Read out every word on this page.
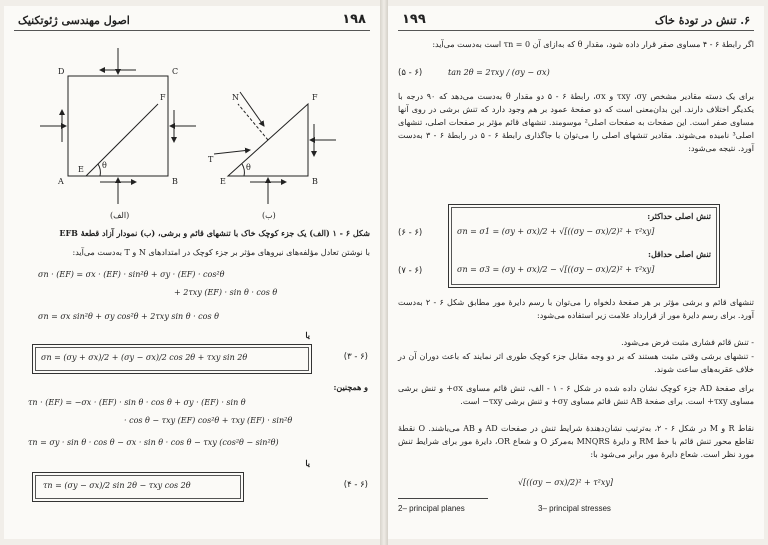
۱۹۸
اصول مهندسی ژئوتکنیک
D	C
A	B
E
F
θ
(الف)
N
T
E
F
B
θ
(ب)
شکل ۶ - ۱ (الف) یک جزء کوچک خاک با تنشهای قائم و برشی، (ب) نمودار آزاد قطعهٔ EFB
با نوشتن تعادل مؤلفه‌های نیروهای مؤثر بر جزء کوچک در امتدادهای N و T به‌دست می‌آید:
σn · (EF) = σx · (EF) · sin²θ + σy · (EF) · cos²θ
+ 2τxy (EF) · sin θ · cos θ
σn = σx sin²θ + σy cos²θ + 2τxy sin θ · cos θ
یا
σn = (σy + σx)/2 + (σy − σx)/2 cos 2θ + τxy sin 2θ	(۳ - ۶)
و همچنین:
τn · (EF) = −σx · (EF) · sin θ · cos θ + σy · (EF) · sin θ
· cos θ − τxy (EF) cos²θ + τxy (EF) · sin²θ
τn = σy · sin θ · cos θ − σx · sin θ · cos θ − τxy (cos²θ − sin²θ)
یا
τn = (σy − σx)/2 sin 2θ − τxy cos 2θ	(۴ - ۶)
۱۹۹	۶. تنش در تودهٔ خاک
اگر رابطهٔ ۶ - ۴ مساوی صفر قرار داده شود، مقدار θ که به‌ازای آن τn = 0 است به‌دست می‌آید:
tan 2θ = 2τxy / (σy − σx)
(۵ - ۶)
برای یک دسته مقادیر مشخص τxy ،σy و σx، رابطهٔ ۶ - ۵ دو مقدار θ به‌دست می‌دهد که ۹۰ درجه با یکدیگر اختلاف دارند. این بدان‌معنی است که دو صفحهٔ عمود بر هم وجود دارد که تنش برشی در روی آنها مساوی صفر است. این صفحات به صفحات اصلی² موسومند. تنشهای قائم مؤثر بر صفحات اصلی، تنشهای اصلی³ نامیده می‌شوند. مقادیر تنشهای اصلی را می‌توان با جاگذاری رابطهٔ ۶ - ۵ در رابطهٔ ۶ - ۳ به‌دست آورد. نتیجه می‌شود:
تنش اصلی حداکثر:
σn = σ1 = (σy + σx)/2 + √[((σy − σx)/2)² + τ²xy]
تنش اصلی حداقل:
σn = σ3 = (σy + σx)/2 − √[((σy − σx)/2)² + τ²xy]
(۶ - ۶)
(۷ - ۶)
تنشهای قائم و برشی مؤثر بر هر صفحهٔ دلخواه را می‌توان با رسم دایرهٔ مور مطابق شکل ۶ - ۲ به‌دست آورد. برای رسم دایرهٔ مور از قرارداد علامت زیر استفاده می‌شود:
- تنش قائم فشاری مثبت فرض می‌شود.
- تنشهای برشی وقتی مثبت هستند که بر دو وجه مقابل جزء کوچک طوری اثر نمایند که باعث دوران آن در خلاف عقربه‌های ساعت شوند.
برای صفحهٔ AD جزء کوچک نشان داده شده در شکل ۶ - ۱ - الف، تنش قائم مساوی σx+ و تنش برشی مساوی τxy+ است. برای صفحهٔ AB تنش قائم مساوی σy+ و تنش برشی τxy− است.
نقاط R و M در شکل ۶ - ۲، به‌ترتیب نشان‌دهندهٔ شرایط تنش در صفحات AD و AB می‌باشند. O نقطهٔ تقاطع محور تنش قائم با خط RM و دایرهٔ MNQRS به‌مرکز O و شعاع OR، دایرهٔ مور برای شرایط تنش مورد نظر است. شعاع دایرهٔ مور برابر می‌شود با:
√[((σy − σx)/2)² + τ²xy]
2– principal planes	3– principal stresses
